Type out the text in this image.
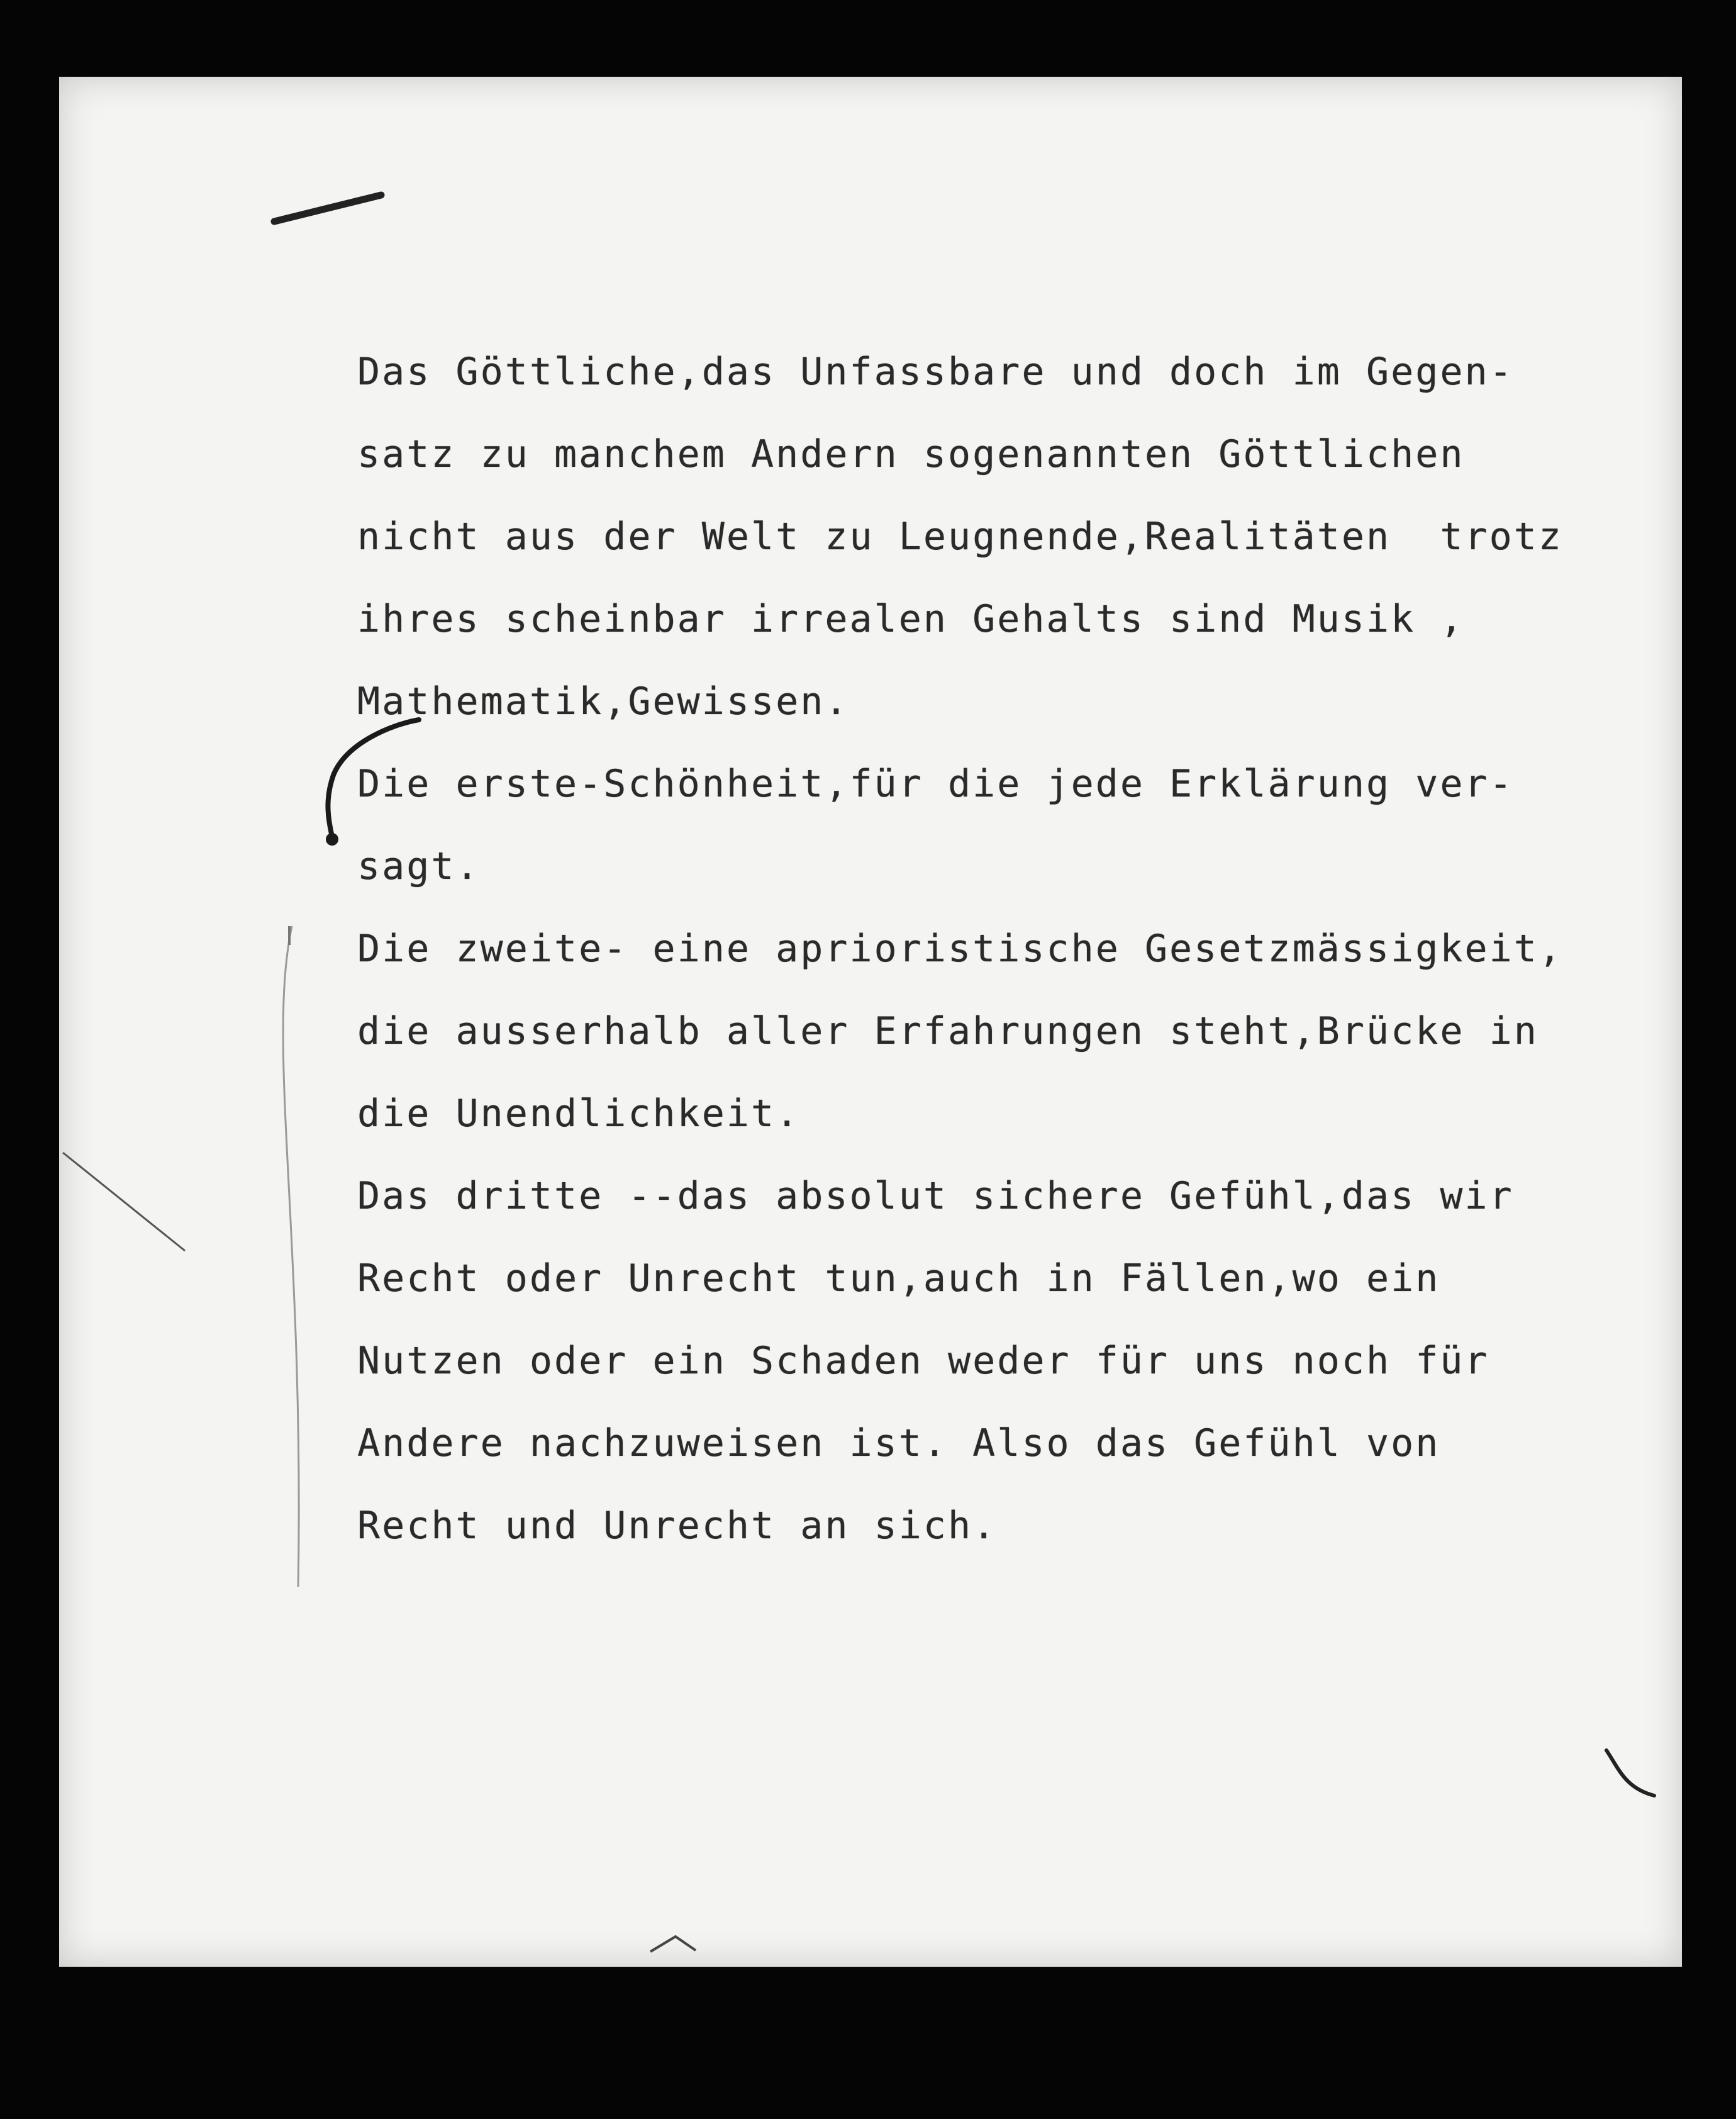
Das Göttliche,das Unfassbare und doch im Gegen-
satz zu manchem Andern sogenannten Göttlichen
nicht aus der Welt zu Leugnende,Realitäten  trotz
ihres scheinbar irrealen Gehalts sind Musik ,
Mathematik,Gewissen.
Die erste-Schönheit,für die jede Erklärung ver-
sagt.
Die zweite- eine aprioristische Gesetzmässigkeit,
die ausserhalb aller Erfahrungen steht,Brücke in
die Unendlichkeit.
Das dritte --das absolut sichere Gefühl,das wir
Recht oder Unrecht tun,auch in Fällen,wo ein
Nutzen oder ein Schaden weder für uns noch für
Andere nachzuweisen ist. Also das Gefühl von
Recht und Unrecht an sich.
